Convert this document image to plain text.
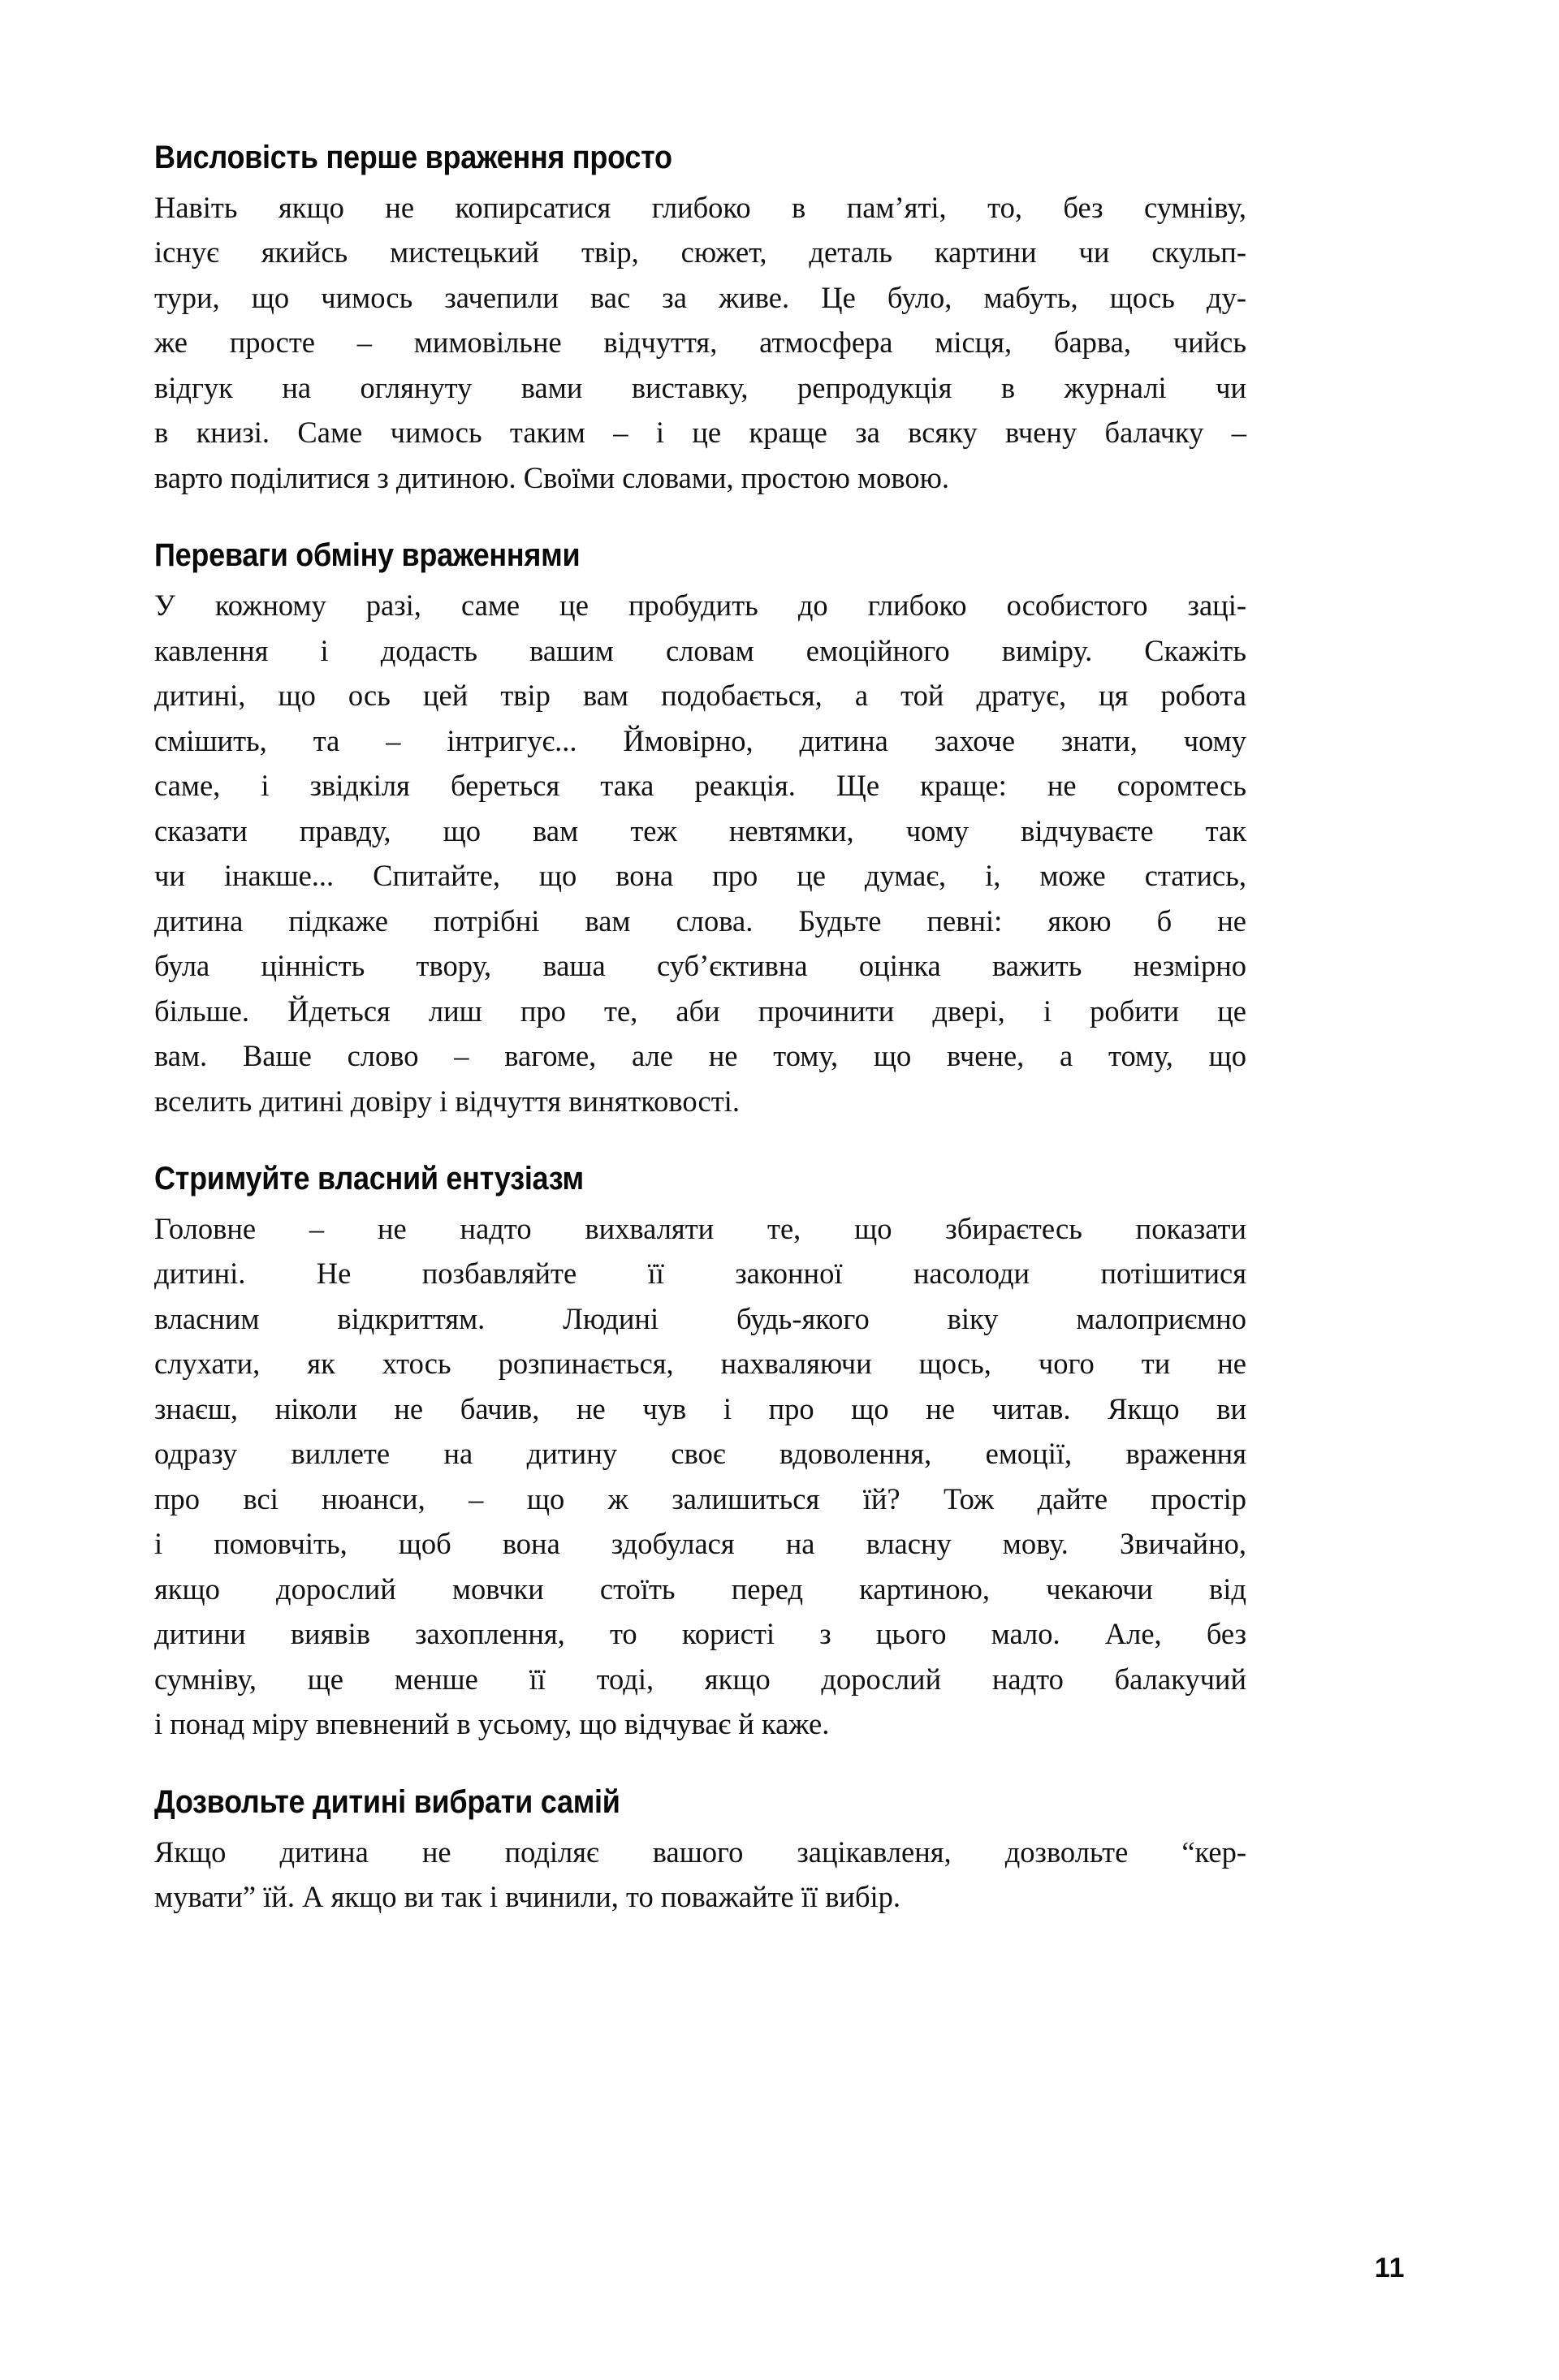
Висловість перше враження просто

Навіть якщо не копирсатися глибоко в пам’яті, то, без сумніву,
існує якийсь мистецький твір, сюжет, деталь картини чи скульп-
тури, що чимось зачепили вас за живе. Це було, мабуть, щось ду-
же просте – мимовільне відчуття, атмосфера місця, барва, чийсь
відгук на оглянуту вами виставку, репродукція в журналі чи
в книзі. Саме чимось таким – і це краще за всяку вчену балачку –
варто поділитися з дитиною. Своїми словами, простою мовою.

Переваги обміну враженнями

У кожному разі, саме це пробудить до глибоко особистого заці-
кавлення і додасть вашим словам емоційного виміру. Скажіть
дитині, що ось цей твір вам подобається, а той дратує, ця робота
смішить, та – інтригує... Ймовірно, дитина захоче знати, чому
саме, і звідкіля береться така реакція. Ще краще: не соромтесь
сказати правду, що вам теж невтямки, чому відчуваєте так
чи інакше... Спитайте, що вона про це думає, і, може статись,
дитина підкаже потрібні вам слова. Будьте певні: якою б не
була цінність твору, ваша суб’єктивна оцінка важить незмірно
більше. Йдеться лиш про те, аби прочинити двері, і робити це
вам. Ваше слово – вагоме, але не тому, що вчене, а тому, що
вселить дитині довіру і відчуття винятковості.

Стримуйте власний ентузіазм

Головне – не надто вихваляти те, що збираєтесь показати
дитині. Не позбавляйте її законної насолоди потішитися
власним відкриттям. Людині будь-якого віку малоприємно
слухати, як хтось розпинається, нахваляючи щось, чого ти не
знаєш, ніколи не бачив, не чув і про що не читав. Якщо ви
одразу виллете на дитину своє вдоволення, емоції, враження
про всі нюанси, – що ж залишиться їй? Тож дайте простір
і помовчіть, щоб вона здобулася на власну мову. Звичайно,
якщо дорослий мовчки стоїть перед картиною, чекаючи від
дитини виявів захоплення, то користі з цього мало. Але, без
сумніву, ще менше її тоді, якщо дорослий надто балакучий
і понад міру впевнений в усьому, що відчуває й каже.

Дозвольте дитині вибрати самій

Якщо дитина не поділяє вашого зацікавленя, дозвольте “кер-
мувати” їй. А якщо ви так і вчинили, то поважайте її вибір.

11
